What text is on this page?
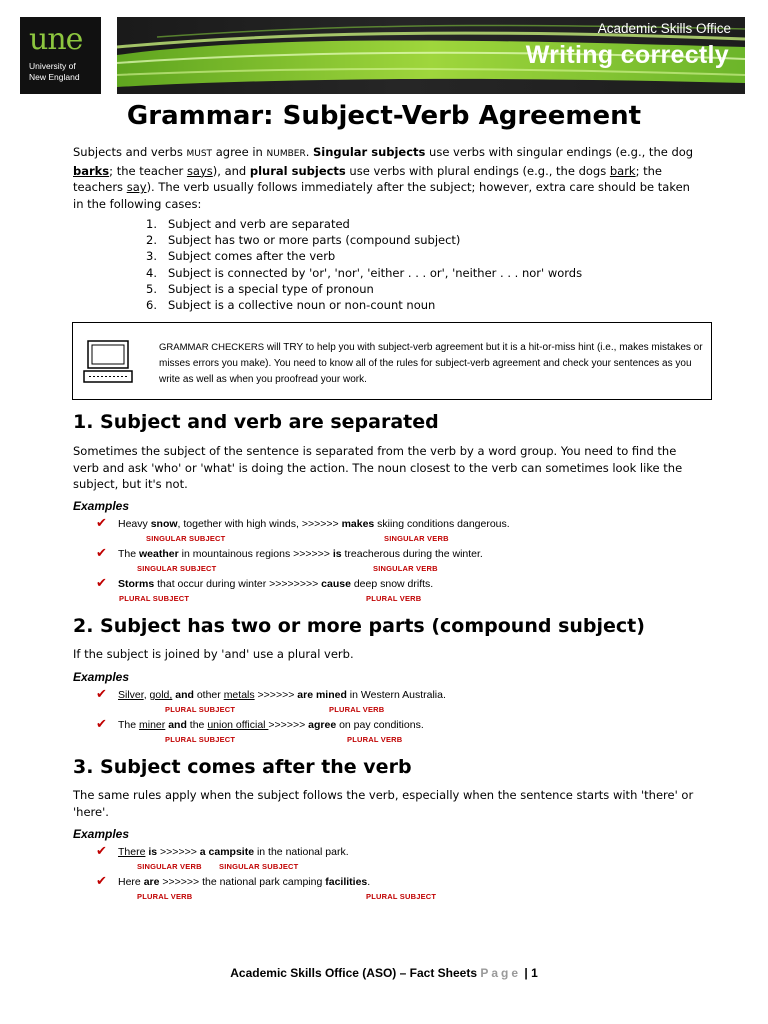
une
University of New England
Academic Skills Office
Writing correctly
Grammar: Subject-Verb Agreement
Subjects and verbs MUST agree in NUMBER. Singular subjects use verbs with singular endings (e.g., the dog barks; the teacher says), and plural subjects use verbs with plural endings (e.g., the dogs bark; the teachers say). The verb usually follows immediately after the subject; however, extra care should be taken in the following cases:
1. Subject and verb are separated
2. Subject has two or more parts (compound subject)
3. Subject comes after the verb
4. Subject is connected by 'or', 'nor', 'either . . . or', 'neither . . . nor' words
5. Subject is a special type of pronoun
6. Subject is a collective noun or non-count noun
GRAMMAR CHECKERS will TRY to help you with subject-verb agreement but it is a hit-or-miss hint (i.e., makes mistakes or misses errors you make). You need to know all of the rules for subject-verb agreement and check your sentences as you write as well as when you proofread your work.
1. Subject and verb are separated
Sometimes the subject of the sentence is separated from the verb by a word group. You need to find the verb and ask 'who' or 'what' is doing the action. The noun closest to the verb can sometimes look like the subject, but it's not.
Examples
✔ Heavy snow, together with high winds, >>>>>> makes skiing conditions dangerous.
SINGULAR SUBJECT	SINGULAR VERB
✔ The weather in mountainous regions >>>>>> is treacherous during the winter.
SINGULAR SUBJECT	SINGULAR VERB
✔ Storms that occur during winter >>>>>>>> cause deep snow drifts.
PLURAL SUBJECT	PLURAL VERB
2. Subject has two or more parts (compound subject)
If the subject is joined by 'and' use a plural verb.
Examples
✔ Silver, gold, and other metals >>>>>> are mined in Western Australia.
PLURAL SUBJECT	PLURAL VERB
✔ The miner and the union official >>>>>> agree on pay conditions.
PLURAL SUBJECT	PLURAL VERB
3. Subject comes after the verb
The same rules apply when the subject follows the verb, especially when the sentence starts with 'there' or 'here'.
Examples
✔ There is >>>>>> a campsite in the national park.
SINGULAR VERB SINGULAR SUBJECT
✔ Here are >>>>>> the national park camping facilities.
PLURAL VERB	PLURAL SUBJECT
Academic Skills Office (ASO) – Fact Sheets Page | 1
